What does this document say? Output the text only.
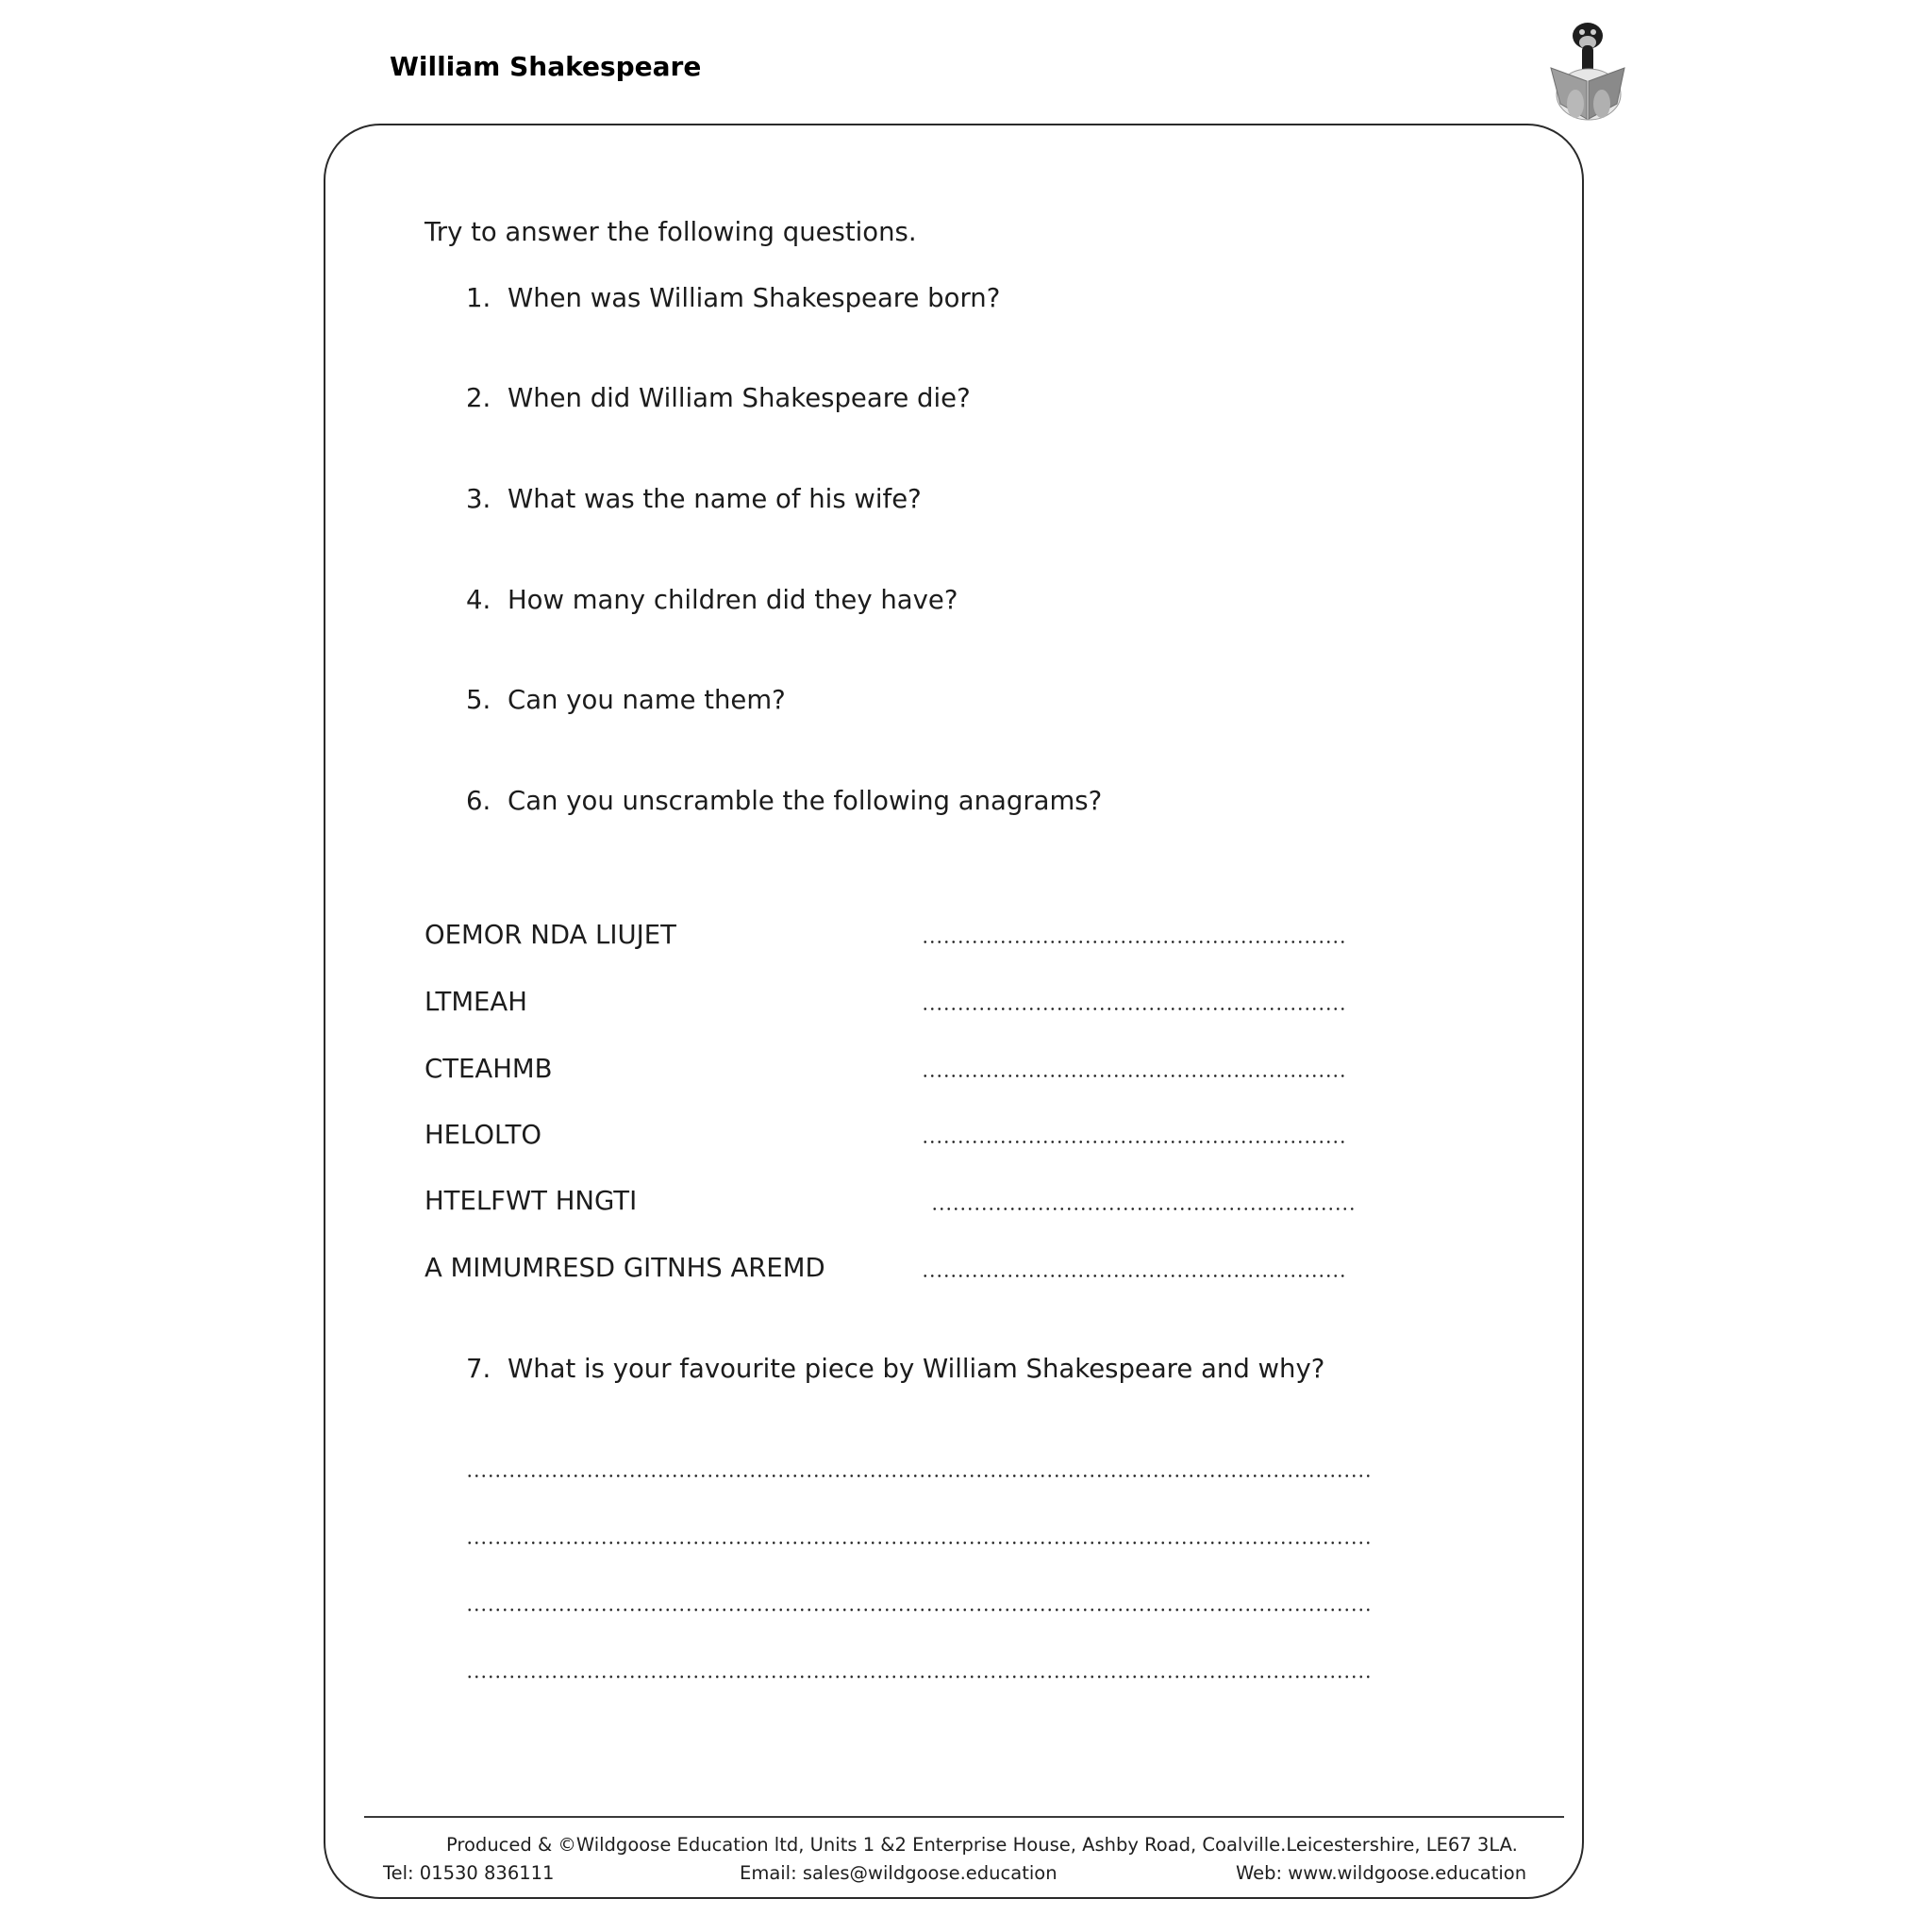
William Shakespeare
Try to answer the following questions.
1. When was William Shakespeare born?
2. When did William Shakespeare die?
3. What was the name of his wife?
4. How many children did they have?
5. Can you name them?
6. Can you unscramble the following anagrams?
OEMOR NDA LIUJET
LTMEAH
CTEAHMB
HELOLTO
HTELFWT HNGTI
A MIMUMRESD GITNHS AREMD
7. What is your favourite piece by William Shakespeare and why?
Produced & ©Wildgoose Education ltd, Units 1 &2 Enterprise House, Ashby Road, Coalville.Leicestershire, LE67 3LA.
Tel: 01530 836111	Email: sales@wildgoose.education	Web: www.wildgoose.education
